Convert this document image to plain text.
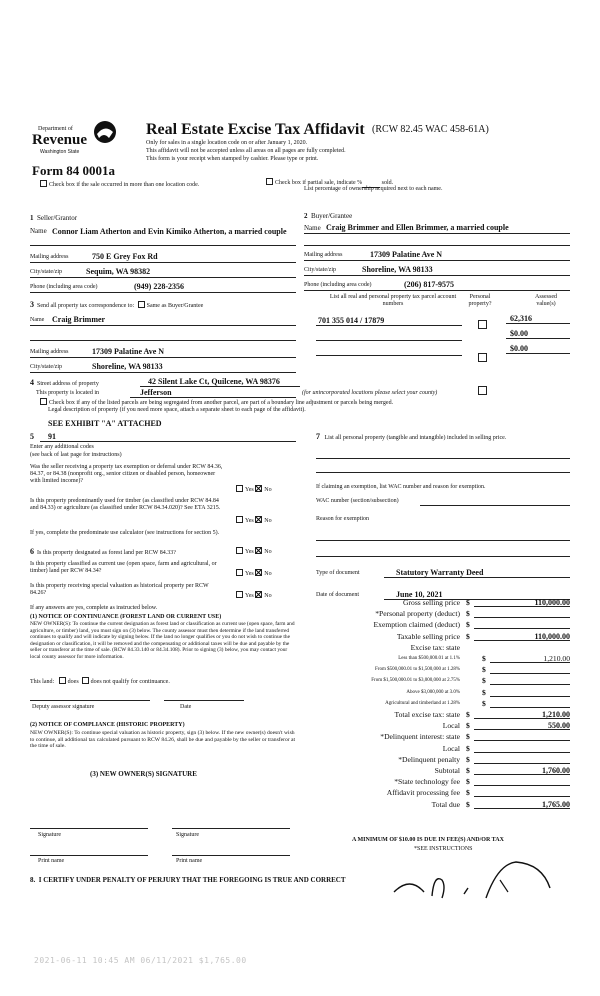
Department of
Revenue
Washington State
Real Estate Excise Tax Affidavit (RCW 82.45 WAC 458-61A)
Only for sales in a single location code on or after January 1, 2020.
This affidavit will not be accepted unless all areas on all pages are fully completed.
This form is your receipt when stamped by cashier. Please type or print.
Form 84 0001a
Check box if the sale occurred in more than one location code.	Check box if partial sale, indicate %	sold.
List percentage of ownership acquired next to each name.
1 Seller/Grantor
Name Connor Liam Atherton and Evin Kimiko Atherton, a married couple
Mailing address	750 E Grey Fox Rd
City/state/zip	Sequim, WA 98382
Phone (including area code)	(949) 228-2356
2 Buyer/Grantee
Name Craig Brimmer and Ellen Brimmer, a married couple
Mailing address	17309 Palatine Ave N
City/state/zip	Shoreline, WA 98133
Phone (including area code)	(206) 817-9575
List all real and personal property tax parcel account numbers
Personal property?
Assessed value(s)
701 355 014 / 17879	62,316
$0.00
$0.00
3 Send all property tax correspondence to: Same as Buyer/Grantee
Name Craig Brimmer
Mailing address	17309 Palatine Ave N
City/state/zip	Shoreline, WA 98133
4 Street address of property	42 Silent Lake Ct, Quilcene, WA 98376
This property is located in	Jefferson	(for unincorporated locations please select your county)
Check box if any of the listed parcels are being segregated from another parcel, are part of a boundary line adjustment or parcels being merged.
Legal description of property (if you need more space, attach a separate sheet to each page of the affidavit).
SEE EXHIBIT "A" ATTACHED
5 91
Enter any additional codes
(see back of last page for instructions)
Was the seller receiving a property tax exemption or deferral under RCW 84.36, 84.37, or 84.38 (nonprofit org., senior citizen or disabled person, homeowner with limited income)?
Yes No
Is this property predominantly used for timber (as classified under RCW 84.84 and 84.33) or agriculture (as classified under RCW 84.34.020)? See ETA 3215.
Yes No
If yes, complete the predominate use calculator (see instructions for section 5).
6 Is this property designated as forest land per RCW 84.33?	Yes No
Is this property classified as current use (open space, farm and agricultural, or timber) land per RCW 84.34?	Yes No
Is this property receiving special valuation as historical property per RCW 84.26?	Yes No
If any answers are yes, complete as instructed below.
(1) NOTICE OF CONTINUANCE (FOREST LAND OR CURRENT USE)
NEW OWNER(S): To continue the current designation as forest land or classification as current use (open space, farm and agriculture, or timber) land, you must sign on (3) below. The county assessor must then determine if the land transferred continues to qualify and will indicate by signing below. If the land no longer qualifies or you do not wish to continue the designation or classification, it will be removed and the compensating or additional taxes will be due and payable by the seller or transferor at the time of sale. (RCW 84.33.140 or 84.34.108). Prior to signing (3) below, you may contact your local county assessor for more information.
This land: does does not qualify for continuance.
Deputy assessor signature	Date
(2) NOTICE OF COMPLIANCE (HISTORIC PROPERTY)
NEW OWNER(S): To continue special valuation as historic property, sign (3) below. If the new owner(s) doesn't wish to continue, all additional tax calculated pursuant to RCW 84.26, shall be due and payable by the seller or transferor at the time of sale.
(3) NEW OWNER(S) SIGNATURE
Signature	Signature
Print name	Print name
7 List all personal property (tangible and intangible) included in selling price.
If claiming an exemption, list WAC number and reason for exemption.
WAC number (section/subsection)
Reason for exemption
Type of document	Statutory Warranty Deed
Date of document	June 10, 2021
Gross selling price $	110,000.00
*Personal property (deduct) $
Exemption claimed (deduct) $
Taxable selling price $	110,000.00
Excise tax: state
Less than $500,000.01 at 1.1%	$	1,210.00
From $500,000.01 to $1,500,000 at 1.28%	$
From $1,500,000.01 to $3,000,000 at 2.75%	$
Above $3,000,000 at 3.0%	$
Agricultural and timberland at 1.28%	$
Total excise tax: state $	1,210.00
Local $	550.00
*Delinquent interest: state $
Local $
*Delinquent penalty $
Subtotal $	1,760.00
*State technology fee $
Affidavit processing fee $
Total due $	1,765.00
A MINIMUM OF $10.00 IS DUE IN FEE(S) AND/OR TAX
*SEE INSTRUCTIONS
8.  I CERTIFY UNDER PENALTY OF PERJURY THAT THE FOREGOING IS TRUE AND CORRECT
2021-06-11 10:45 AM 06/11/2021 $1,765.00
